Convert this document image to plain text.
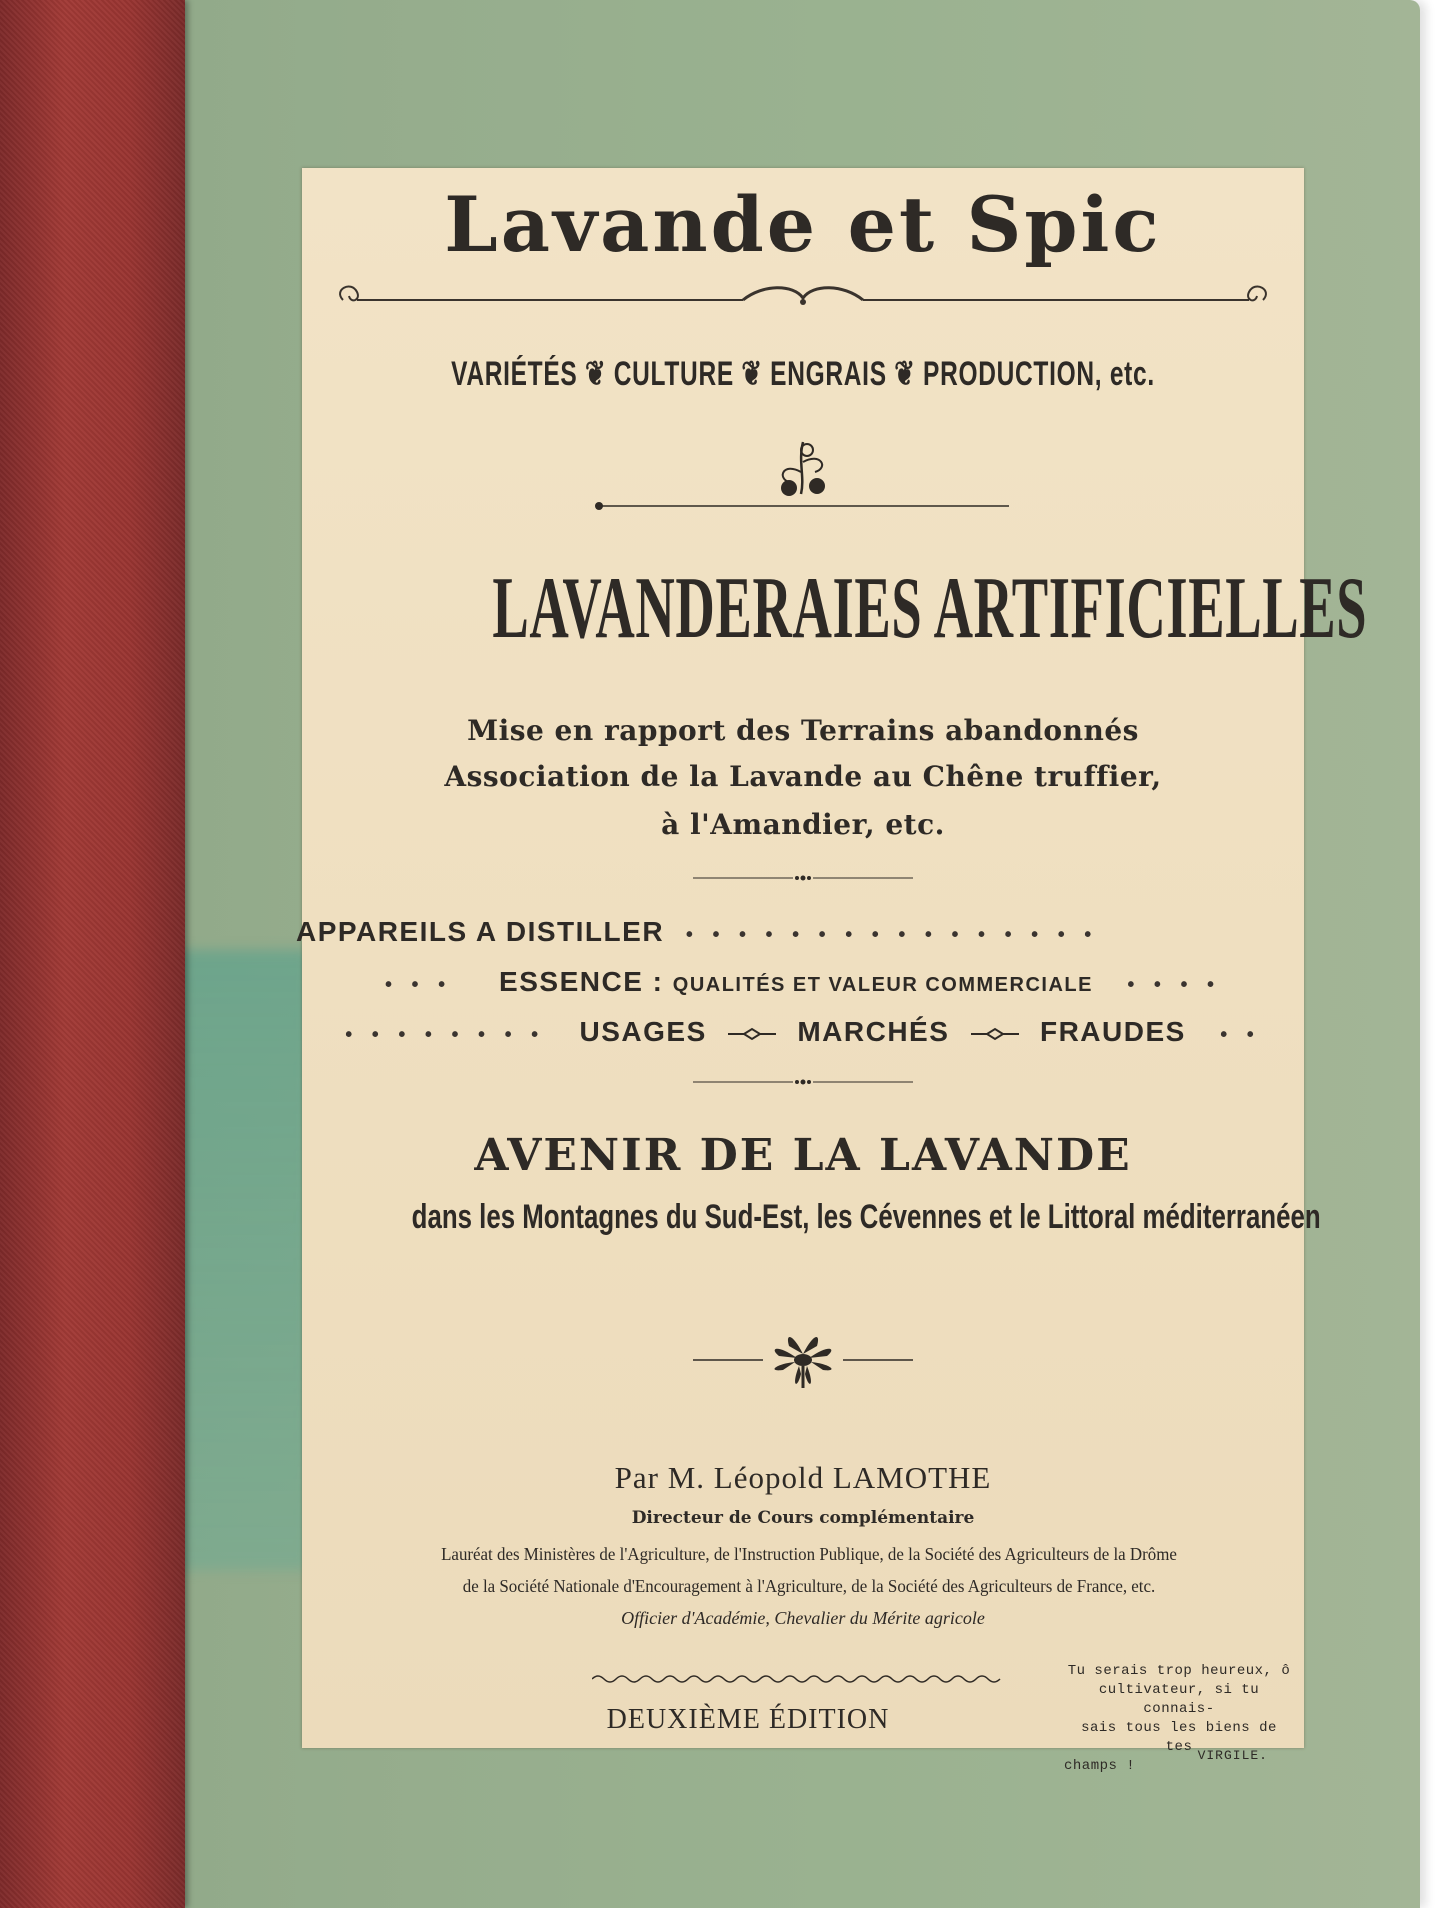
Lavande et Spic

VARIÉTÉS ❦ CULTURE ❦ ENGRAIS ❦ PRODUCTION, etc.

LAVANDERAIES ARTIFICIELLES

Mise en rapport des Terrains abandonnés

Association de la Lavande au Chêne truffier,

à l'Amandier, etc.

APPAREILS A DISTILLER  • • • • • • • • • • • • • • • •
• • •    ESSENCE : QUALITÉS ET VALEUR COMMERCIALE   • • • •
• • • • • • • •   USAGES	MARCHÉS	FRAUDES   • •
AVENIR DE LA LAVANDE

dans les Montagnes du Sud-Est, les Cévennes et le Littoral méditerranéen

Par M. Léopold LAMOTHE

Directeur de Cours complémentaire

Lauréat des Ministères de l'Agriculture, de l'Instruction Publique, de la Société des Agriculteurs de la Drôme

de la Société Nationale d'Encouragement à l'Agriculture, de la Société des Agriculteurs de France, etc.

Officier d'Académie, Chevalier du Mérite agricole

DEUXIÈME ÉDITION

Tu serais trop heureux, ô
cultivateur, si tu connais-
sais tous les biens de tes
champs !

VIRGILE.
